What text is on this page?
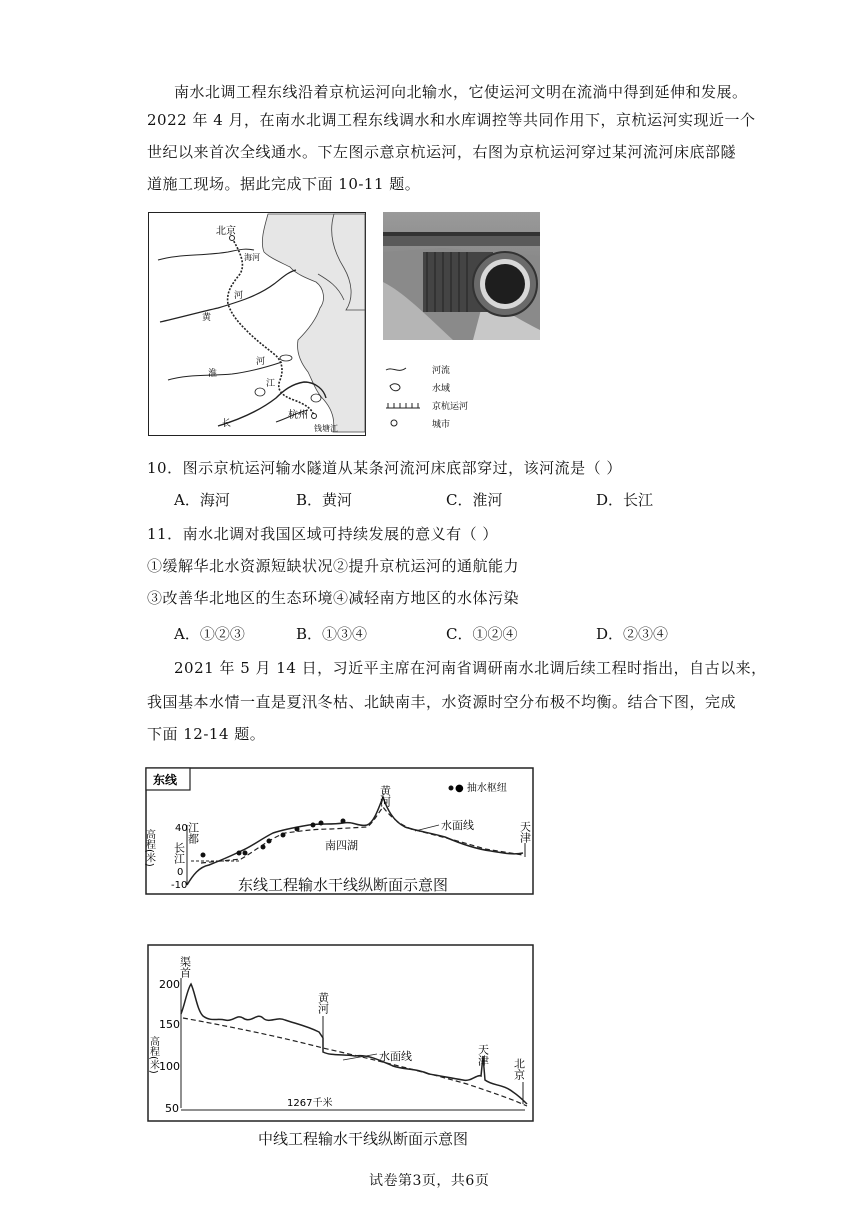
南水北调工程东线沿着京杭运河向北输水，它使运河文明在流淌中得到延伸和发展。
2022 年 4 月，在南水北调工程东线调水和水库调控等共同作用下，京杭运河实现近一个
世纪以来首次全线通水。下左图示意京杭运河，右图为京杭运河穿过某河流河床底部隧
道施工现场。据此完成下面 10-11 题。
北京
海河
河
黄
河
淮
江
长
杭州
钱塘江
河流
水域
京杭运河
城市
10．图示京杭运河输水隧道从某条河流河床底部穿过，该河流是（ ）
A．海河	B．黄河	C．淮河	D．长江
11．南水北调对我国区域可持续发展的意义有（ ）
①缓解华北水资源短缺状况②提升京杭运河的通航能力
③改善华北地区的生态环境④减轻南方地区的水体污染
A．①②③	B．①③④	C．①②④	D．②③④
2021 年 5 月 14 日，习近平主席在河南省调研南水北调后续工程时指出，自古以来，
我国基本水情一直是夏汛冬枯、北缺南丰，水资源时空分布极不均衡。结合下图，完成
下面 12-14 题。
东线
● 抽水枢纽
40
0
-10
高程(米)	江都
长江
黄河
天津
南四湖
水面线
东线工程输水干线纵断面示意图
200
150
100
50
高程(米)
渠首
黄河
水面线	天津
北京
1267千米
中线工程输水干线纵断面示意图
试卷第3页，共6页
